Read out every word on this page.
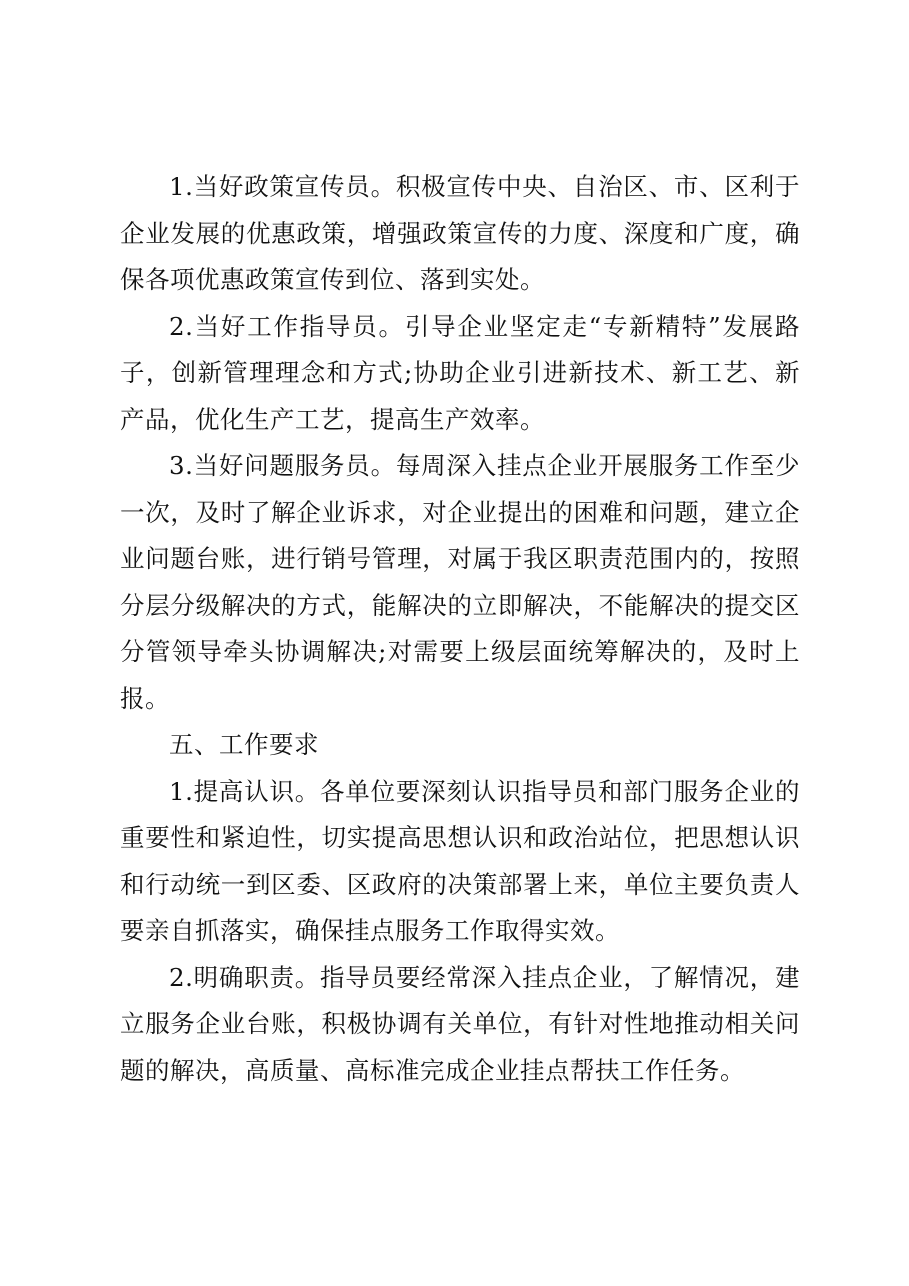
1.当好政策宣传员。积极宣传中央、自治区、市、区利于企业发展的优惠政策，增强政策宣传的力度、深度和广度，确保各项优惠政策宣传到位、落到实处。

2.当好工作指导员。引导企业坚定走“专新精特”发展路子，创新管理理念和方式;协助企业引进新技术、新工艺、新产品，优化生产工艺，提高生产效率。

3.当好问题服务员。每周深入挂点企业开展服务工作至少一次，及时了解企业诉求，对企业提出的困难和问题，建立企业问题台账，进行销号管理，对属于我区职责范围内的，按照分层分级解决的方式，能解决的立即解决，不能解决的提交区分管领导牵头协调解决;对需要上级层面统筹解决的，及时上报。

五、工作要求

1.提高认识。各单位要深刻认识指导员和部门服务企业的重要性和紧迫性，切实提高思想认识和政治站位，把思想认识和行动统一到区委、区政府的决策部署上来，单位主要负责人要亲自抓落实，确保挂点服务工作取得实效。

2.明确职责。指导员要经常深入挂点企业，了解情况，建立服务企业台账，积极协调有关单位，有针对性地推动相关问题的解决，高质量、高标准完成企业挂点帮扶工作任务。
